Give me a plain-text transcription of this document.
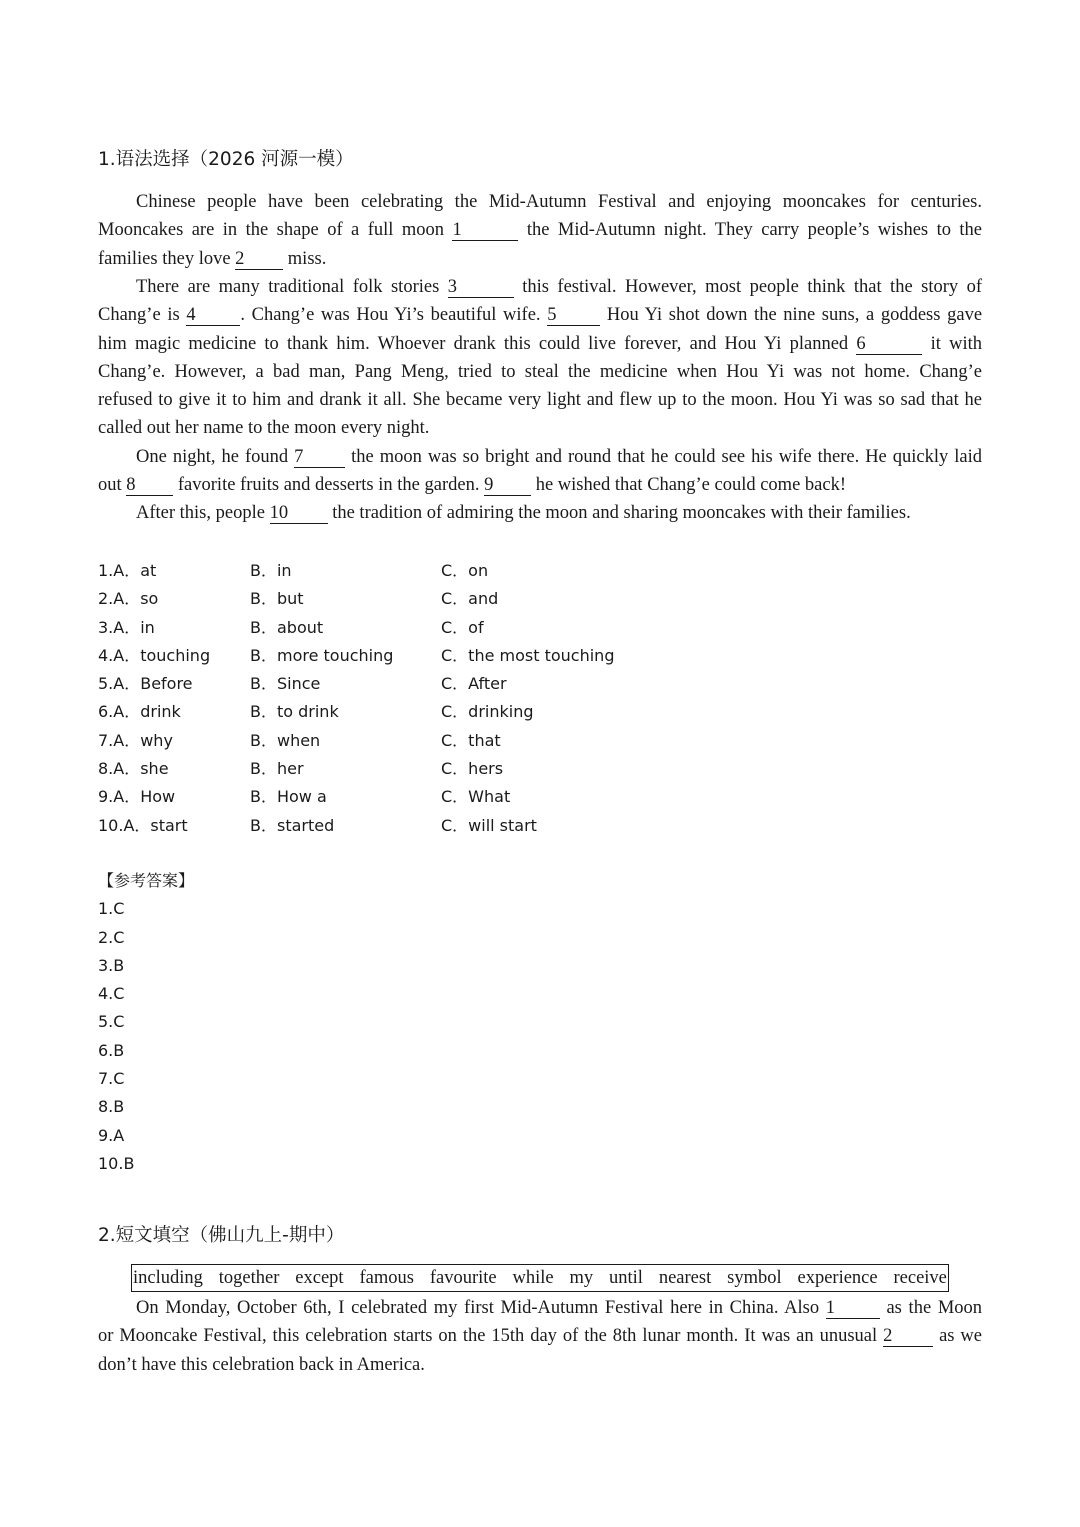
1.语法选择（2026 河源一模）
Chinese people have been celebrating the Mid-Autumn Festival and enjoying mooncakes for centuries.
Mooncakes are in the shape of a full moon 1	the Mid-Autumn night. They carry people’s wishes to the
families they love 2 miss.
There are many traditional folk stories 3	this festival. However, most people think that the story of
Chang’e is 4 . Chang’e was Hou Yi’s beautiful wife. 5	Hou Yi shot down the nine suns, a goddess gave
him magic medicine to thank him. Whoever drank this could live forever, and Hou Yi planned 6	it with
Chang’e. However, a bad man, Pang Meng, tried to steal the medicine when Hou Yi was not home. Chang’e
refused to give it to him and drank it all. She became very light and flew up to the moon. Hou Yi was so sad that he
called out her name to the moon every night.
One night, he found 7	the moon was so bright and round that he could see his wife there. He quickly laid
out 8 favorite fruits and desserts in the garden. 9 he wished that Chang’e could come back!
After this, people 10 the tradition of admiring the moon and sharing mooncakes with their families.
1.A．at	B．in	C．on
2.A．so	B．but	C．and
3.A．in	B．about	C．of
4.A．touching B．more touching	C．the most touching
5.A．Before	B．Since	C．After
6.A．drink	B．to drink	C．drinking
7.A．why	B．when	C．that
8.A．she	B．her	C．hers
9.A．How	B．How a	C．What
10.A．start	B．started	C．will start
【参考答案】
1.C
2.C
3.B
4.C
5.C
6.B
7.C
8.B
9.A
10.B
2.短文填空（佛山九上-期中）
including together except famous favourite while my until nearest symbol experience receive
On Monday, October 6th, I celebrated my first Mid-Autumn Festival here in China. Also 1	as the Moon
or Mooncake Festival, this celebration starts on the 15th day of the 8th lunar month. It was an unusual 2	as we
don’t have this celebration back in America.
